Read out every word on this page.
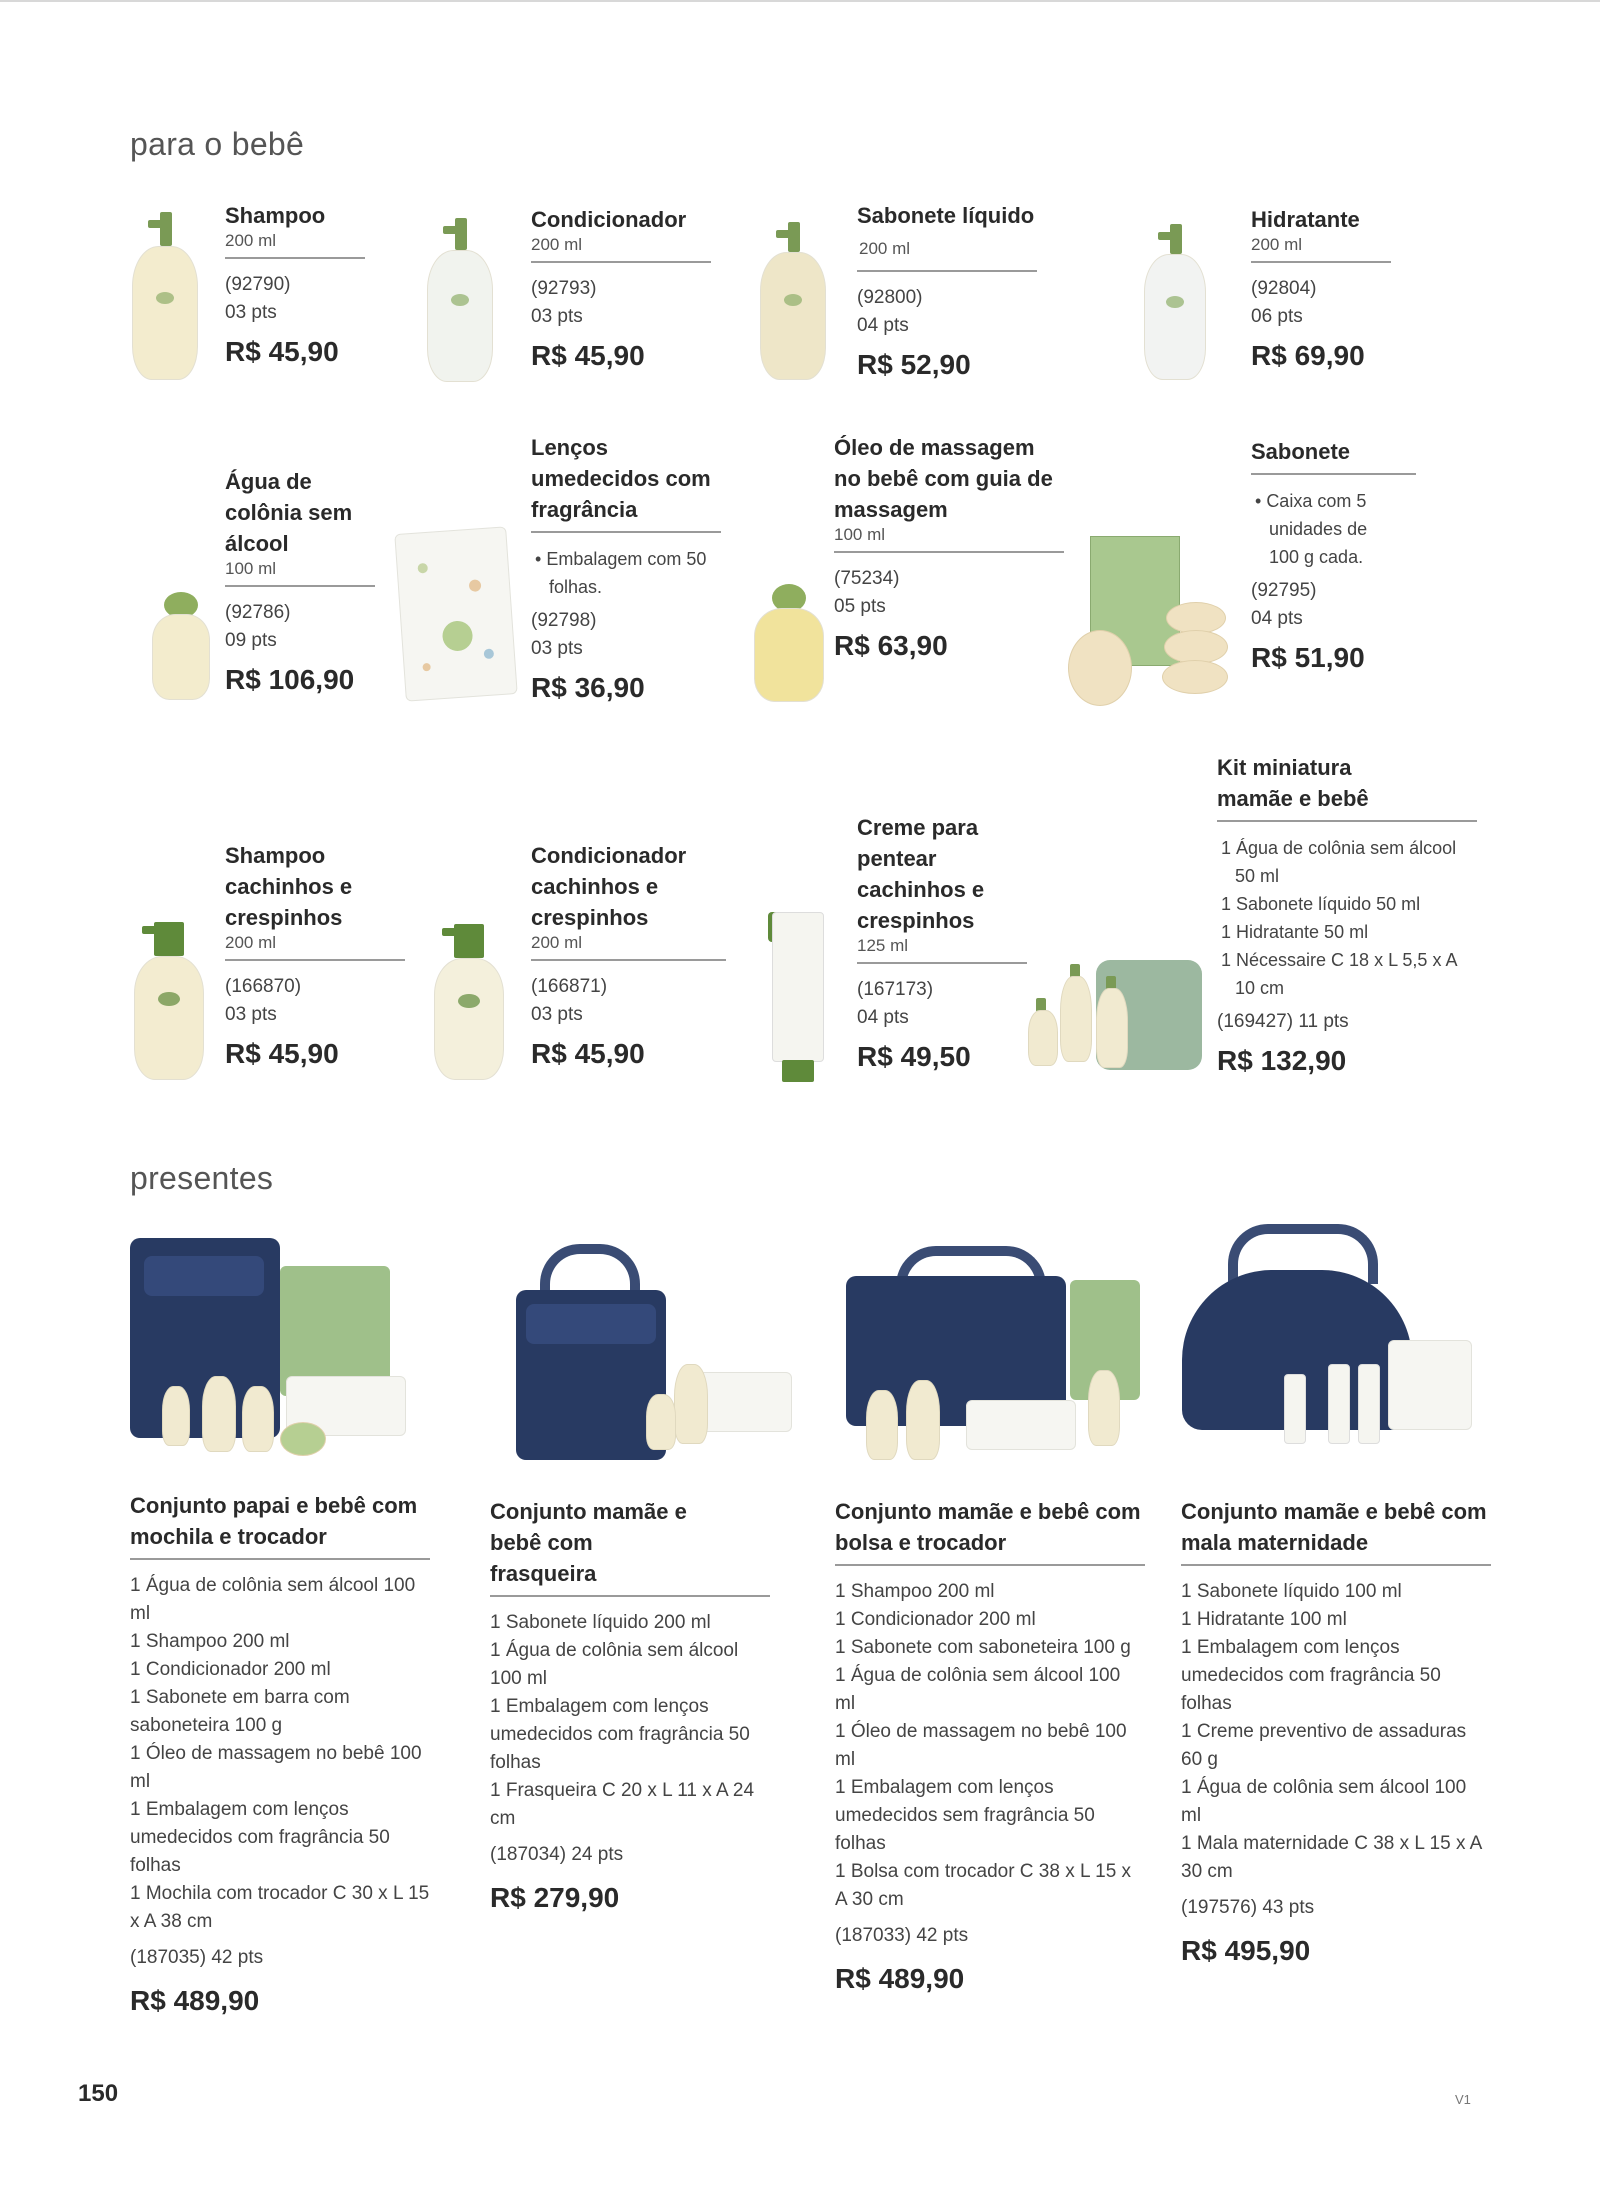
para o bebê
Shampoo
200 ml
(92790)
03 pts
R$ 45,90
Condicionador
200 ml
(92793)
03 pts
R$ 45,90
Sabonete líquido 200 ml
(92800)
04 pts
R$ 52,90
Hidratante
200 ml
(92804)
06 pts
R$ 69,90
Água de colônia sem álcool
100 ml
(92786)
09 pts
R$ 106,90
Lenços umedecidos com fragrância
• Embalagem com 50 folhas.
(92798)
03 pts
R$ 36,90
Óleo de massagem no bebê com guia de massagem
100 ml
(75234)
05 pts
R$ 63,90
Sabonete
• Caixa com 5 unidades de 100 g cada.
(92795)
04 pts
R$ 51,90
Shampoo cachinhos e crespinhos
200 ml
(166870)
03 pts
R$ 45,90
Condicionador cachinhos e crespinhos
200 ml
(166871)
03 pts
R$ 45,90
Creme para pentear cachinhos e crespinhos
125 ml
(167173)
04 pts
R$ 49,50
Kit miniatura mamãe e bebê
1 Água de colônia sem álcool 50 ml
1 Sabonete líquido 50 ml
1 Hidratante 50 ml
1 Nécessaire C 18 x L 5,5 x A 10 cm
(169427) 11 pts
R$ 132,90
presentes
Conjunto papai e bebê com mochila e trocador
1 Água de colônia sem álcool 100 ml
1 Shampoo 200 ml
1 Condicionador 200 ml
1 Sabonete em barra com saboneteira 100 g
1 Óleo de massagem no bebê 100 ml
1 Embalagem com lenços umedecidos com fragrância 50 folhas
1 Mochila com trocador C 30 x L 15 x A 38 cm
(187035) 42 pts
R$ 489,90
Conjunto mamãe e bebê com frasqueira
1 Sabonete líquido 200 ml
1 Água de colônia sem álcool 100 ml
1 Embalagem com lenços umedecidos com fragrância 50 folhas
1 Frasqueira C 20 x L 11 x A 24 cm
(187034) 24 pts
R$ 279,90
Conjunto mamãe e bebê com bolsa e trocador
1 Shampoo 200 ml
1 Condicionador 200 ml
1 Sabonete com saboneteira 100 g
1 Água de colônia sem álcool 100 ml
1 Óleo de massagem no bebê 100 ml
1 Embalagem com lenços umedecidos sem fragrância 50 folhas
1 Bolsa com trocador C 38 x L 15 x A 30 cm
(187033) 42 pts
R$ 489,90
Conjunto mamãe e bebê com mala maternidade
1 Sabonete líquido 100 ml
1 Hidratante 100 ml
1 Embalagem com lenços umedecidos com fragrância 50 folhas
1 Creme preventivo de assaduras 60 g
1 Água de colônia sem álcool 100 ml
1 Mala maternidade C 38 x L 15 x A 30 cm
(197576) 43 pts
R$ 495,90
150	V1
